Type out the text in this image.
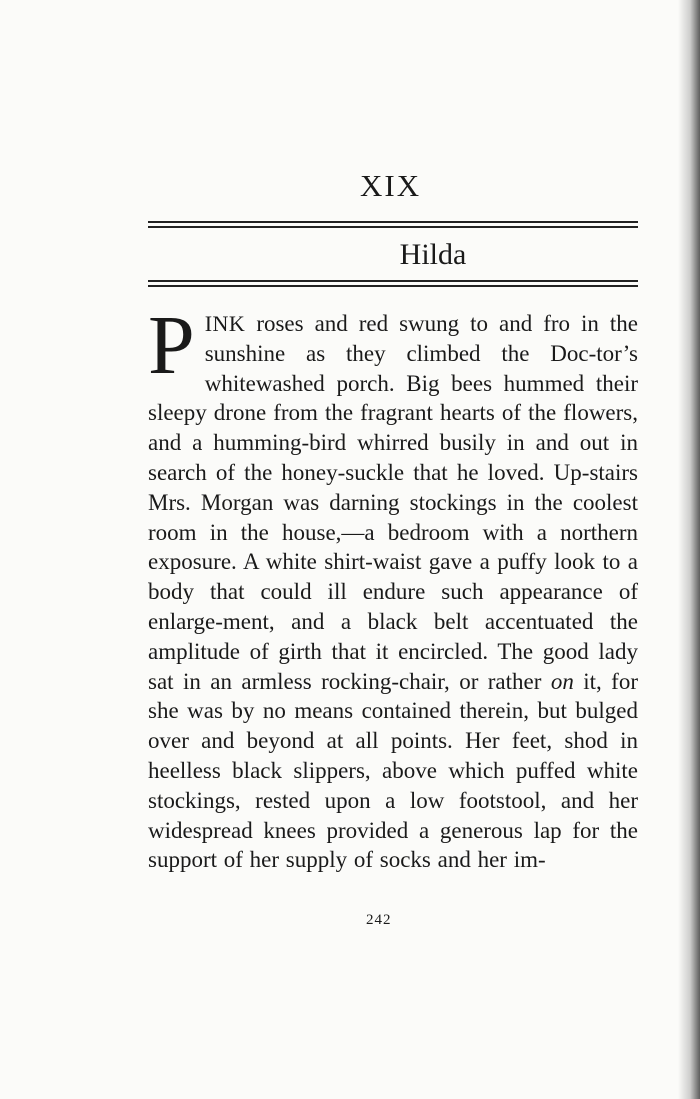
XIX
Hilda

PINK roses and red swung to and fro in the sunshine as they climbed the Doc-tor’s whitewashed porch. Big bees hummed their sleepy drone from the fragrant hearts of the flowers, and a humming-bird whirred busily in and out in search of the honey-suckle that he loved. Up-stairs Mrs. Morgan was darning stockings in the coolest room in the house,—a bedroom with a northern exposure. A white shirt-waist gave a puffy look to a body that could ill endure such appearance of enlarge-ment, and a black belt accentuated the amplitude of girth that it encircled. The good lady sat in an armless rocking-chair, or rather on it, for she was by no means contained therein, but bulged over and beyond at all points. Her feet, shod in heelless black slippers, above which puffed white stockings, rested upon a low footstool, and her widespread knees provided a generous lap for the support of her supply of socks and her im-

242
